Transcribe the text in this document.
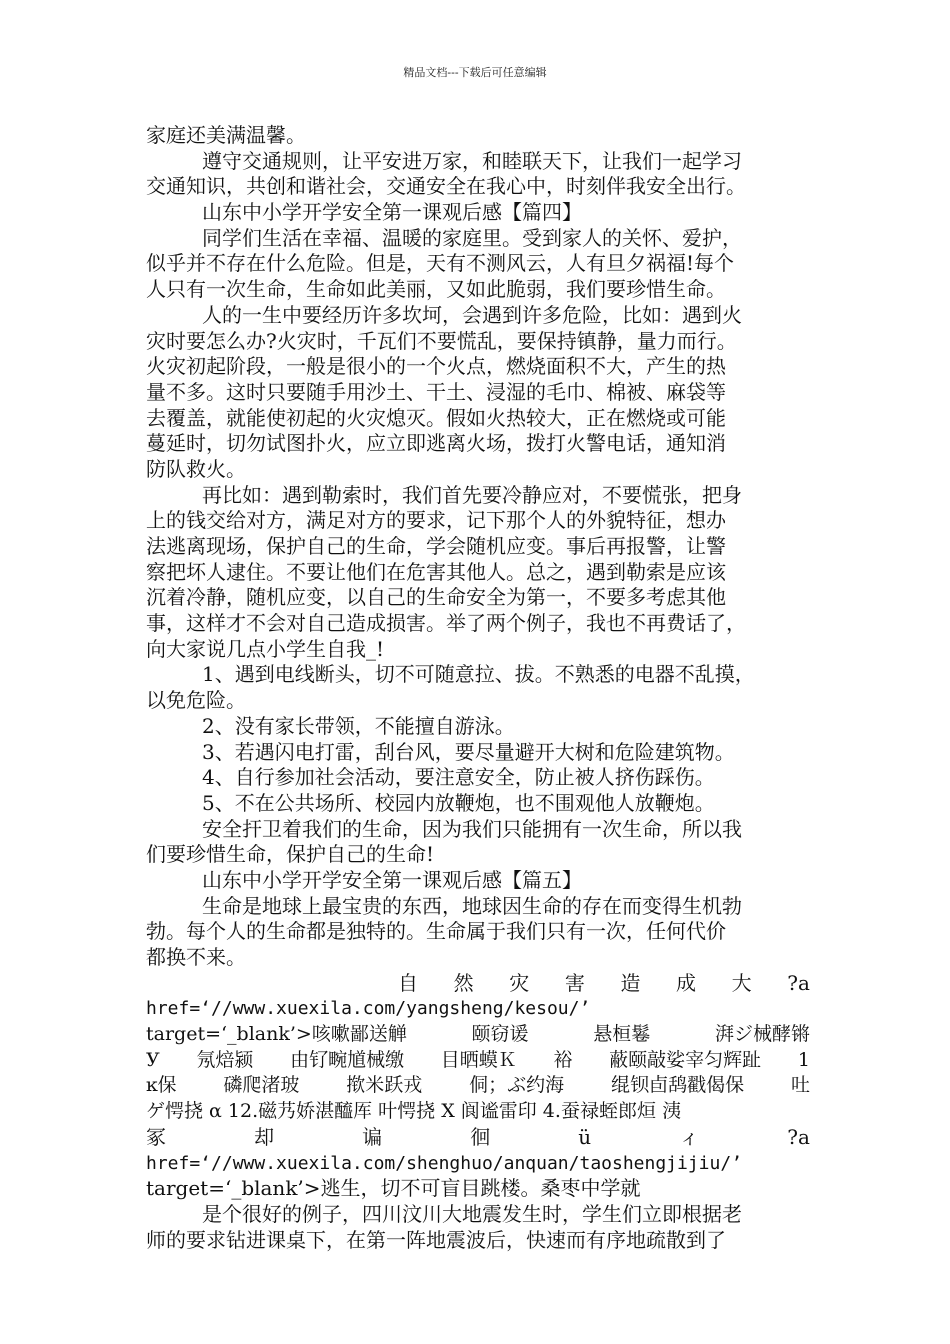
精品文档---下载后可任意编辑
家庭还美满温馨。
遵守交通规则，让平安进万家，和睦联天下，让我们一起学习
交通知识，共创和谐社会，交通安全在我心中，时刻伴我安全出行。
山东中小学开学安全第一课观后感【篇四】
同学们生活在幸福、温暖的家庭里。受到家人的关怀、爱护，
似乎并不存在什么危险。但是，天有不测风云，人有旦夕祸福!每个
人只有一次生命，生命如此美丽，又如此脆弱，我们要珍惜生命。
人的一生中要经历许多坎坷，会遇到许多危险，比如：遇到火
灾时要怎么办?火灾时，千瓦们不要慌乱，要保持镇静，量力而行。
火灾初起阶段，一般是很小的一个火点，燃烧面积不大，产生的热
量不多。这时只要随手用沙土、干土、浸湿的毛巾、棉被、麻袋等
去覆盖，就能使初起的火灾熄灭。假如火热较大，正在燃烧或可能
蔓延时，切勿试图扑火，应立即逃离火场，拨打火警电话，通知消
防队救火。
再比如：遇到勒索时，我们首先要冷静应对，不要慌张，把身
上的钱交给对方，满足对方的要求，记下那个人的外貌特征，想办
法逃离现场，保护自己的生命，学会随机应变。事后再报警，让警
察把坏人逮住。不要让他们在危害其他人。总之，遇到勒索是应该
沉着冷静，随机应变，以自己的生命安全为第一，不要多考虑其他
事，这样才不会对自己造成损害。举了两个例子，我也不再费话了，
向大家说几点小学生自我_!
1、遇到电线断头，切不可随意拉、拔。不熟悉的电器不乱摸，
以免危险。
2、没有家长带领，不能擅自游泳。
3、若遇闪电打雷，刮台风，要尽量避开大树和危险建筑物。
4、自行参加社会活动，要注意安全，防止被人挤伤踩伤。
5、不在公共场所、校园内放鞭炮，也不围观他人放鞭炮。
安全扞卫着我们的生命，因为我们只能拥有一次生命，所以我
们要珍惜生命，保护自己的生命!
山东中小学开学安全第一课观后感【篇五】
生命是地球上最宝贵的东西，地球因生命的存在而变得生机勃
勃。每个人的生命都是独特的。生命属于我们只有一次，任何代价
都换不来。
自 然 灾 害 造 成 大 ?a
href=‘//www.xuexila.com/yangsheng/kesou/’
target=‘_blank’>咳嗽鄙送觯	颐窃谖	悬桓鬈	湃ジ械酵锵
У 氖焙颍 由钌畹馗械缴 目晒蟆Ｋ 裕 蔽颐敲娑宰匀辉趾 1
ĸ保 磷爬渚玻 揿米跃戎 侗；ぶ约海 绲钡卣鸹戳偈保 吐
ゲ愕挠 α 12.磁艿娇湛醯厍 叶愕挠 X 阆谧雷印 4.蚕禄蛭郎烜 洟
冢	却	谝	徊	ü	ィ	?a
href=‘//www.xuexila.com/shenghuo/anquan/taoshengjijiu/’
target=‘_blank’>逃生，切不可盲目跳楼。桑枣中学就
是个很好的例子，四川汶川大地震发生时，学生们立即根据老
师的要求钻进课桌下，在第一阵地震波后，快速而有序地疏散到了
